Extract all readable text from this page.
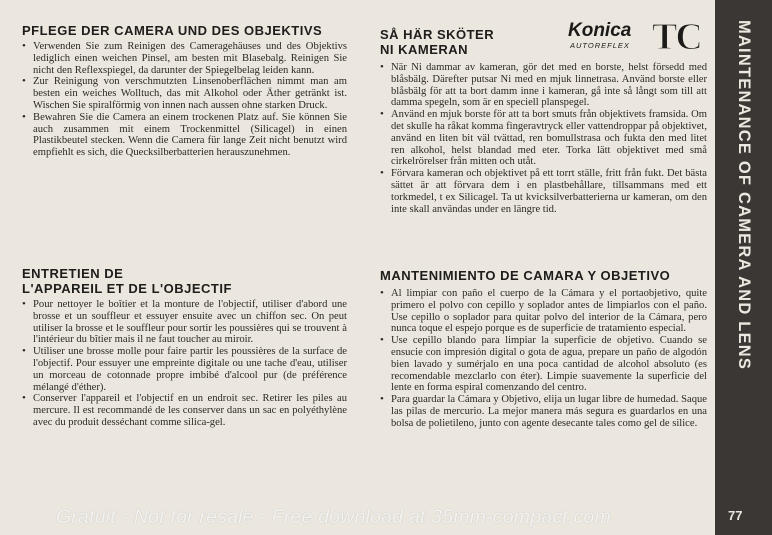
PFLEGE DER CAMERA UND DES OBJEKTIVS
• Verwenden Sie zum Reinigen des Cameragehäuses und des Objektivs lediglich einen weichen Pinsel, am besten mit Blasebalg. Reinigen Sie nicht den Reflexspiegel, da darunter der Spiegelbelag leiden kann.
• Zur Reinigung von verschmutzten Linsenoberflächen nimmt man am besten ein weiches Wolltuch, das mit Alkohol oder Äther getränkt ist. Wischen Sie spiralförmig von innen nach aussen ohne starken Druck.
• Bewahren Sie die Camera an einem trockenen Platz auf. Sie können Sie auch zusammen mit einem Trockenmittel (Silicagel) in einen Plastikbeutel stecken. Wenn die Camera für lange Zeit nicht benutzt wird empfiehlt es sich, die Quecksilberbatterien herauszunehmen.
ENTRETIEN DE
L'APPAREIL ET DE L'OBJECTIF
• Pour nettoyer le boîtier et la monture de l'objectif, utiliser d'abord une brosse et un souffleur et essuyer ensuite avec un chiffon sec. On peut utiliser la brosse et le souffleur pour sortir les poussières qui se trouvent à l'intérieur du bîtier mais il ne faut toucher au miroir.
• Utiliser une brosse molle pour faire partir les poussières de la surface de l'objectif. Pour essuyer une empreinte digitale ou une tache d'eau, utiliser un morceau de cotonnade propre imbibé d'alcool pur (de préférence mélangé d'éther).
• Conserver l'appareil et l'objectif en un endroit sec. Retirer les piles au mercure. Il est recommandé de les conserver dans un sac en polyéthylène avec du produit desséchant comme silica-gel.
SÅ HÄR SKÖTER
NI KAMERAN
• När Ni dammar av kameran, gör det med en borste, helst försedd med blåsbälg. Därefter putsar Ni med en mjuk linnetrasa. Använd borste eller blåsbälg för att ta bort damm inne i kameran, gå inte så långt som till att damma spegeln, som är en speciell planspegel.
• Använd en mjuk borste för att ta bort smuts från objektivets framsida. Om det skulle ha råkat komma fingeravtryck eller vattendroppar på objektivet, använd en liten bit väl tvättad, ren bomullstrasa och fukta den med litet ren alkohol, helst blandad med eter. Torka lätt objektivet med små cirkelrörelser från mitten och utåt.
• Förvara kameran och objektivet på ett torrt ställe, fritt från fukt. Det bästa sättet är att förvara dem i en plastbehållare, tillsammans med ett torkmedel, t ex Silicagel. Ta ut kvicksilverbatterierna ur kameran, om den inte skall användas under en längre tid.
MANTENIMIENTO DE CAMARA Y OBJETIVO
• Al limpiar con paño el cuerpo de la Cámara y el portaobjetivo, quite primero el polvo con cepillo y soplador antes de limpiarlos con el paño. Use cepillo o soplador para quitar polvo del interior de la Cámara, pero nunca toque el espejo porque es de superficie de tratamiento especial.
• Use cepillo blando para limpiar la superficie de objetivo. Cuando se ensucie con impresión digital o gota de agua, prepare un paño de algodón bien lavado y sumérjalo en una poca cantidad de alcohol absoluto (es recomendable mezclarlo con éter). Limpie suavemente la superficie del lente en forma espiral comenzando del centro.
• Para guardar la Cámara y Objetivo, elija un lugar libre de humedad. Saque las pilas de mercurio. La mejor manera más segura es guardarlos en una bolsa de polietileno, junto con agente desecante tales como gel de silice.
Konica
AUTOREFLEX TC MAINTENANCE OF CAMERA AND LENS
77
Gratuit - Not for resale - Free download at 35mm-compact.com
